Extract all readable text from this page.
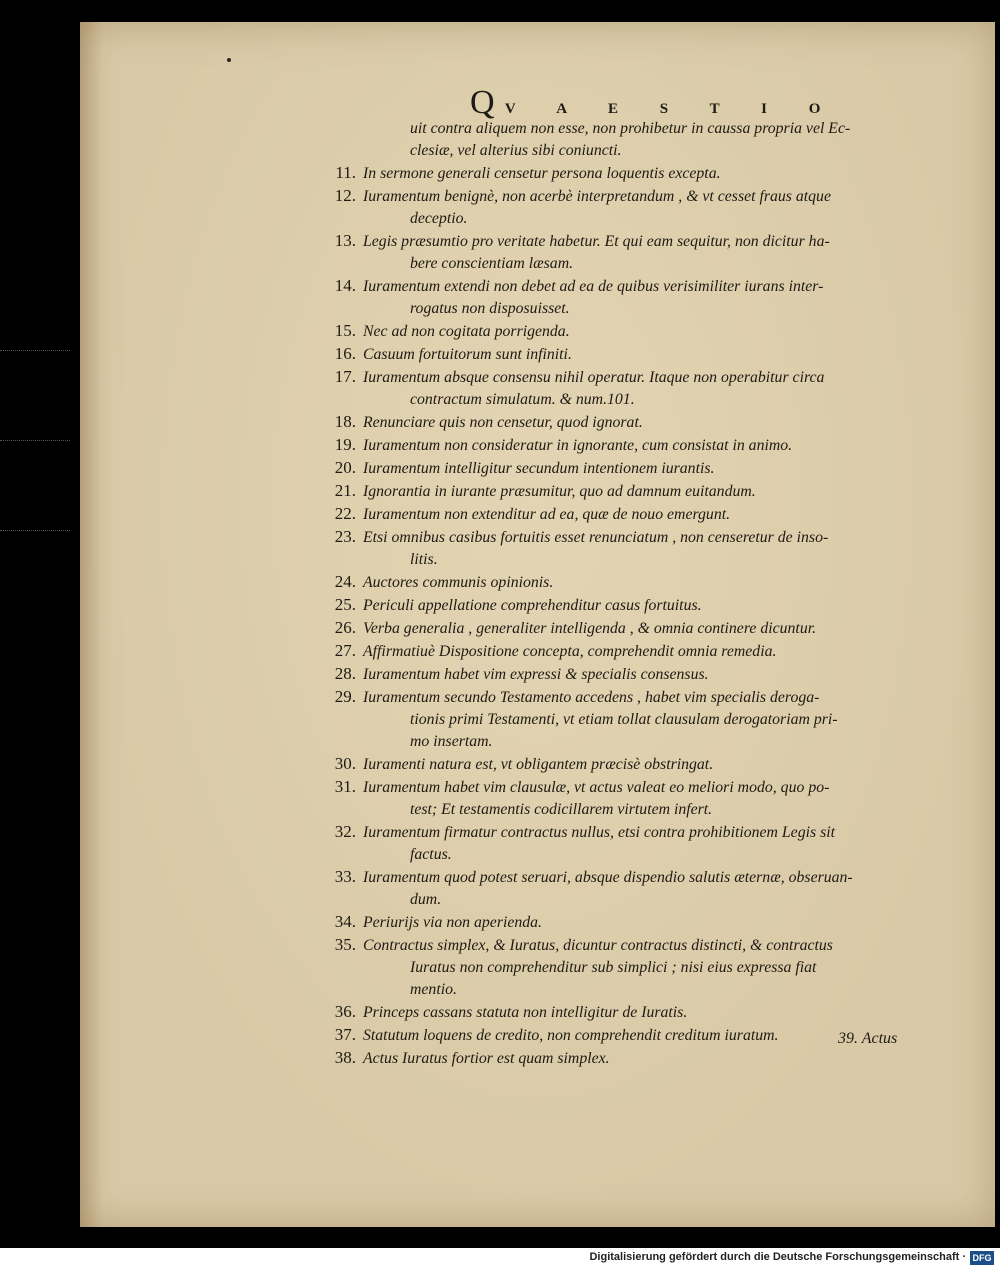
Q V A E S T I O
uit contra aliquem non esse, non prohibetur in caussa propria vel Ec-
clesiæ, vel alterius sibi coniuncti.
11. In sermone generali censetur persona loquentis excepta.
12. Iuramentum benignè, non acerbè interpretandum , & vt cesset fraus atque
deceptio.
13. Legis præsumtio pro veritate habetur. Et qui eam sequitur, non dicitur ha-
bere conscientiam læsam.
14. Iuramentum extendi non debet ad ea de quibus verisimiliter iurans inter-
rogatus non disposuisset.
15. Nec ad non cogitata porrigenda.
16. Casuum fortuitorum sunt infiniti.
17. Iuramentum absque consensu nihil operatur. Itaque non operabitur circa
contractum simulatum. & num.101.
18. Renunciare quis non censetur, quod ignorat.
19. Iuramentum non consideratur in ignorante, cum consistat in animo.
20. Iuramentum intelligitur secundum intentionem iurantis.
21. Ignorantia in iurante præsumitur, quo ad damnum euitandum.
22. Iuramentum non extenditur ad ea, quæ de nouo emergunt.
23. Etsi omnibus casibus fortuitis esset renunciatum , non censeretur de inso-
litis.
24. Auctores communis opinionis.
25. Periculi appellatione comprehenditur casus fortuitus.
26. Verba generalia , generaliter intelligenda , & omnia continere dicuntur.
27. Affirmatiuè Dispositione concepta, comprehendit omnia remedia.
28. Iuramentum habet vim expressi & specialis consensus.
29. Iuramentum secundo Testamento accedens , habet vim specialis deroga-
tionis primi Testamenti, vt etiam tollat clausulam derogatoriam pri-
mo insertam.
30. Iuramenti natura est, vt obligantem præcisè obstringat.
31. Iuramentum habet vim clausulæ, vt actus valeat eo meliori modo, quo po-
test; Et testamentis codicillarem virtutem infert.
32. Iuramentum firmatur contractus nullus, etsi contra prohibitionem Legis sit
factus.
33. Iuramentum quod potest seruari, absque dispendio salutis æternæ, obseruan-
dum.
34. Periurijs via non aperienda.
35. Contractus simplex, & Iuratus, dicuntur contractus distincti, & contractus
Iuratus non comprehenditur sub simplici ; nisi eius expressa fiat
mentio.
36. Princeps cassans statuta non intelligitur de Iuratis.
37. Statutum loquens de credito, non comprehendit creditum iuratum.
38. Actus Iuratus fortior est quam simplex.
39. Actus
Digitalisierung gefördert durch die Deutsche Forschungsgemeinschaft · DFG
